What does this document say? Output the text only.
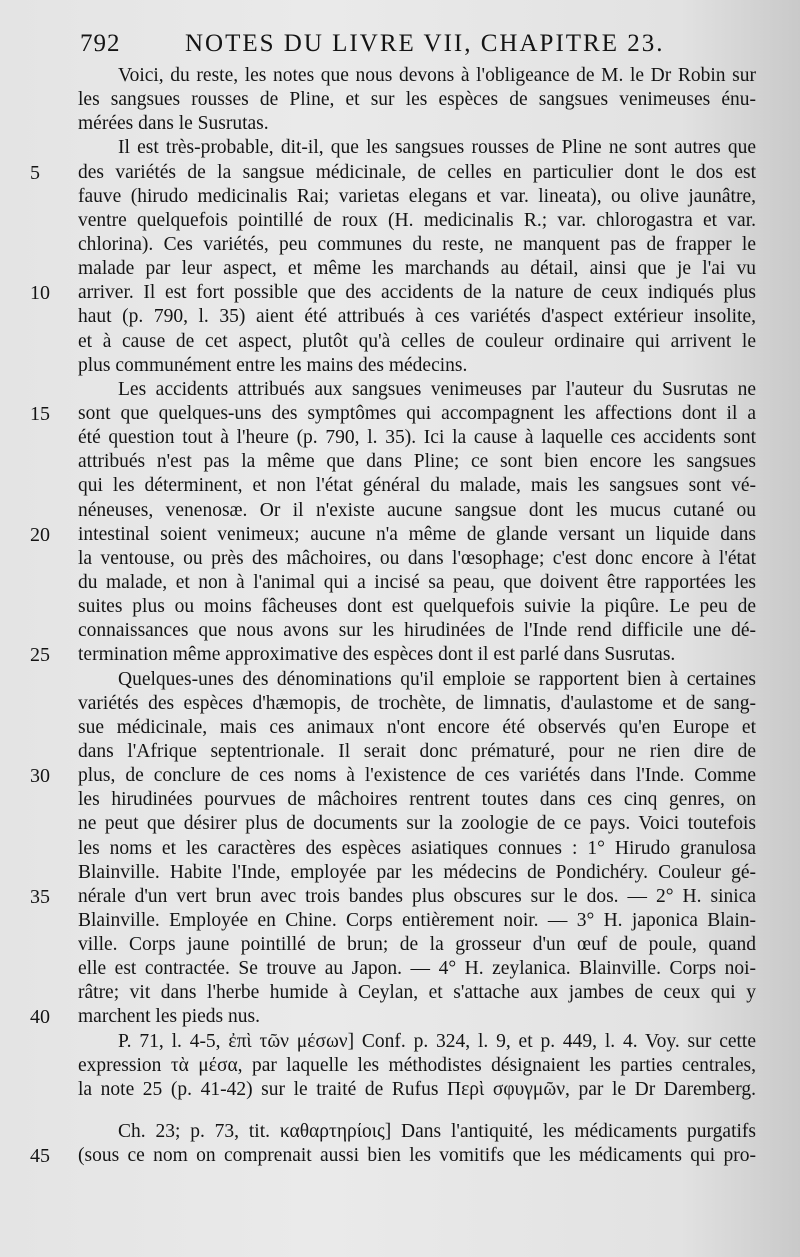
792	NOTES DU LIVRE VII, CHAPITRE 23.
Voici, du reste, les notes que nous devons à l'obligeance de M. le Dr Robin sur
les sangsues rousses de Pline, et sur les espèces de sangsues venimeuses énu-
mérées dans le Susrutas.
Il est très-probable, dit-il, que les sangsues rousses de Pline ne sont autres que
5	des variétés de la sangsue médicinale, de celles en particulier dont le dos est
fauve (hirudo medicinalis Rai; varietas elegans et var. lineata), ou olive jaunâtre,
ventre quelquefois pointillé de roux (H. medicinalis R.; var. chlorogastra et var.
chlorina). Ces variétés, peu communes du reste, ne manquent pas de frapper le
malade par leur aspect, et même les marchands au détail, ainsi que je l'ai vu
10	arriver. Il est fort possible que des accidents de la nature de ceux indiqués plus
haut (p. 790, l. 35) aient été attribués à ces variétés d'aspect extérieur insolite,
et à cause de cet aspect, plutôt qu'à celles de couleur ordinaire qui arrivent le
plus communément entre les mains des médecins.
Les accidents attribués aux sangsues venimeuses par l'auteur du Susrutas ne
15	sont que quelques-uns des symptômes qui accompagnent les affections dont il a
été question tout à l'heure (p. 790, l. 35). Ici la cause à laquelle ces accidents sont
attribués n'est pas la même que dans Pline; ce sont bien encore les sangsues
qui les déterminent, et non l'état général du malade, mais les sangsues sont vé-
néneuses, venenosæ. Or il n'existe aucune sangsue dont les mucus cutané ou
20	intestinal soient venimeux; aucune n'a même de glande versant un liquide dans
la ventouse, ou près des mâchoires, ou dans l'œsophage; c'est donc encore à l'état
du malade, et non à l'animal qui a incisé sa peau, que doivent être rapportées les
suites plus ou moins fâcheuses dont est quelquefois suivie la piqûre. Le peu de
connaissances que nous avons sur les hirudinées de l'Inde rend difficile une dé-
25	termination même approximative des espèces dont il est parlé dans Susrutas.
Quelques-unes des dénominations qu'il emploie se rapportent bien à certaines
variétés des espèces d'hæmopis, de trochète, de limnatis, d'aulastome et de sang-
sue médicinale, mais ces animaux n'ont encore été observés qu'en Europe et
dans l'Afrique septentrionale. Il serait donc prématuré, pour ne rien dire de
30	plus, de conclure de ces noms à l'existence de ces variétés dans l'Inde. Comme
les hirudinées pourvues de mâchoires rentrent toutes dans ces cinq genres, on
ne peut que désirer plus de documents sur la zoologie de ce pays. Voici toutefois
les noms et les caractères des espèces asiatiques connues : 1° Hirudo granulosa
Blainville. Habite l'Inde, employée par les médecins de Pondichéry. Couleur gé-
35	nérale d'un vert brun avec trois bandes plus obscures sur le dos. — 2° H. sinica
Blainville. Employée en Chine. Corps entièrement noir. — 3° H. japonica Blain-
ville. Corps jaune pointillé de brun; de la grosseur d'un œuf de poule, quand
elle est contractée. Se trouve au Japon. — 4° H. zeylanica. Blainville. Corps noi-
râtre; vit dans l'herbe humide à Ceylan, et s'attache aux jambes de ceux qui y
40	marchent les pieds nus.
P. 71, l. 4-5, ἐπὶ τῶν μέσων] Conf. p. 324, l. 9, et p. 449, l. 4. Voy. sur cette
expression τὰ μέσα, par laquelle les méthodistes désignaient les parties centrales,
la note 25 (p. 41-42) sur le traité de Rufus Περὶ σφυγμῶν, par le Dr Daremberg.
Ch. 23; p. 73, tit. καθαρτηρίοις] Dans l'antiquité, les médicaments purgatifs
45	(sous ce nom on comprenait aussi bien les vomitifs que les médicaments qui pro-
